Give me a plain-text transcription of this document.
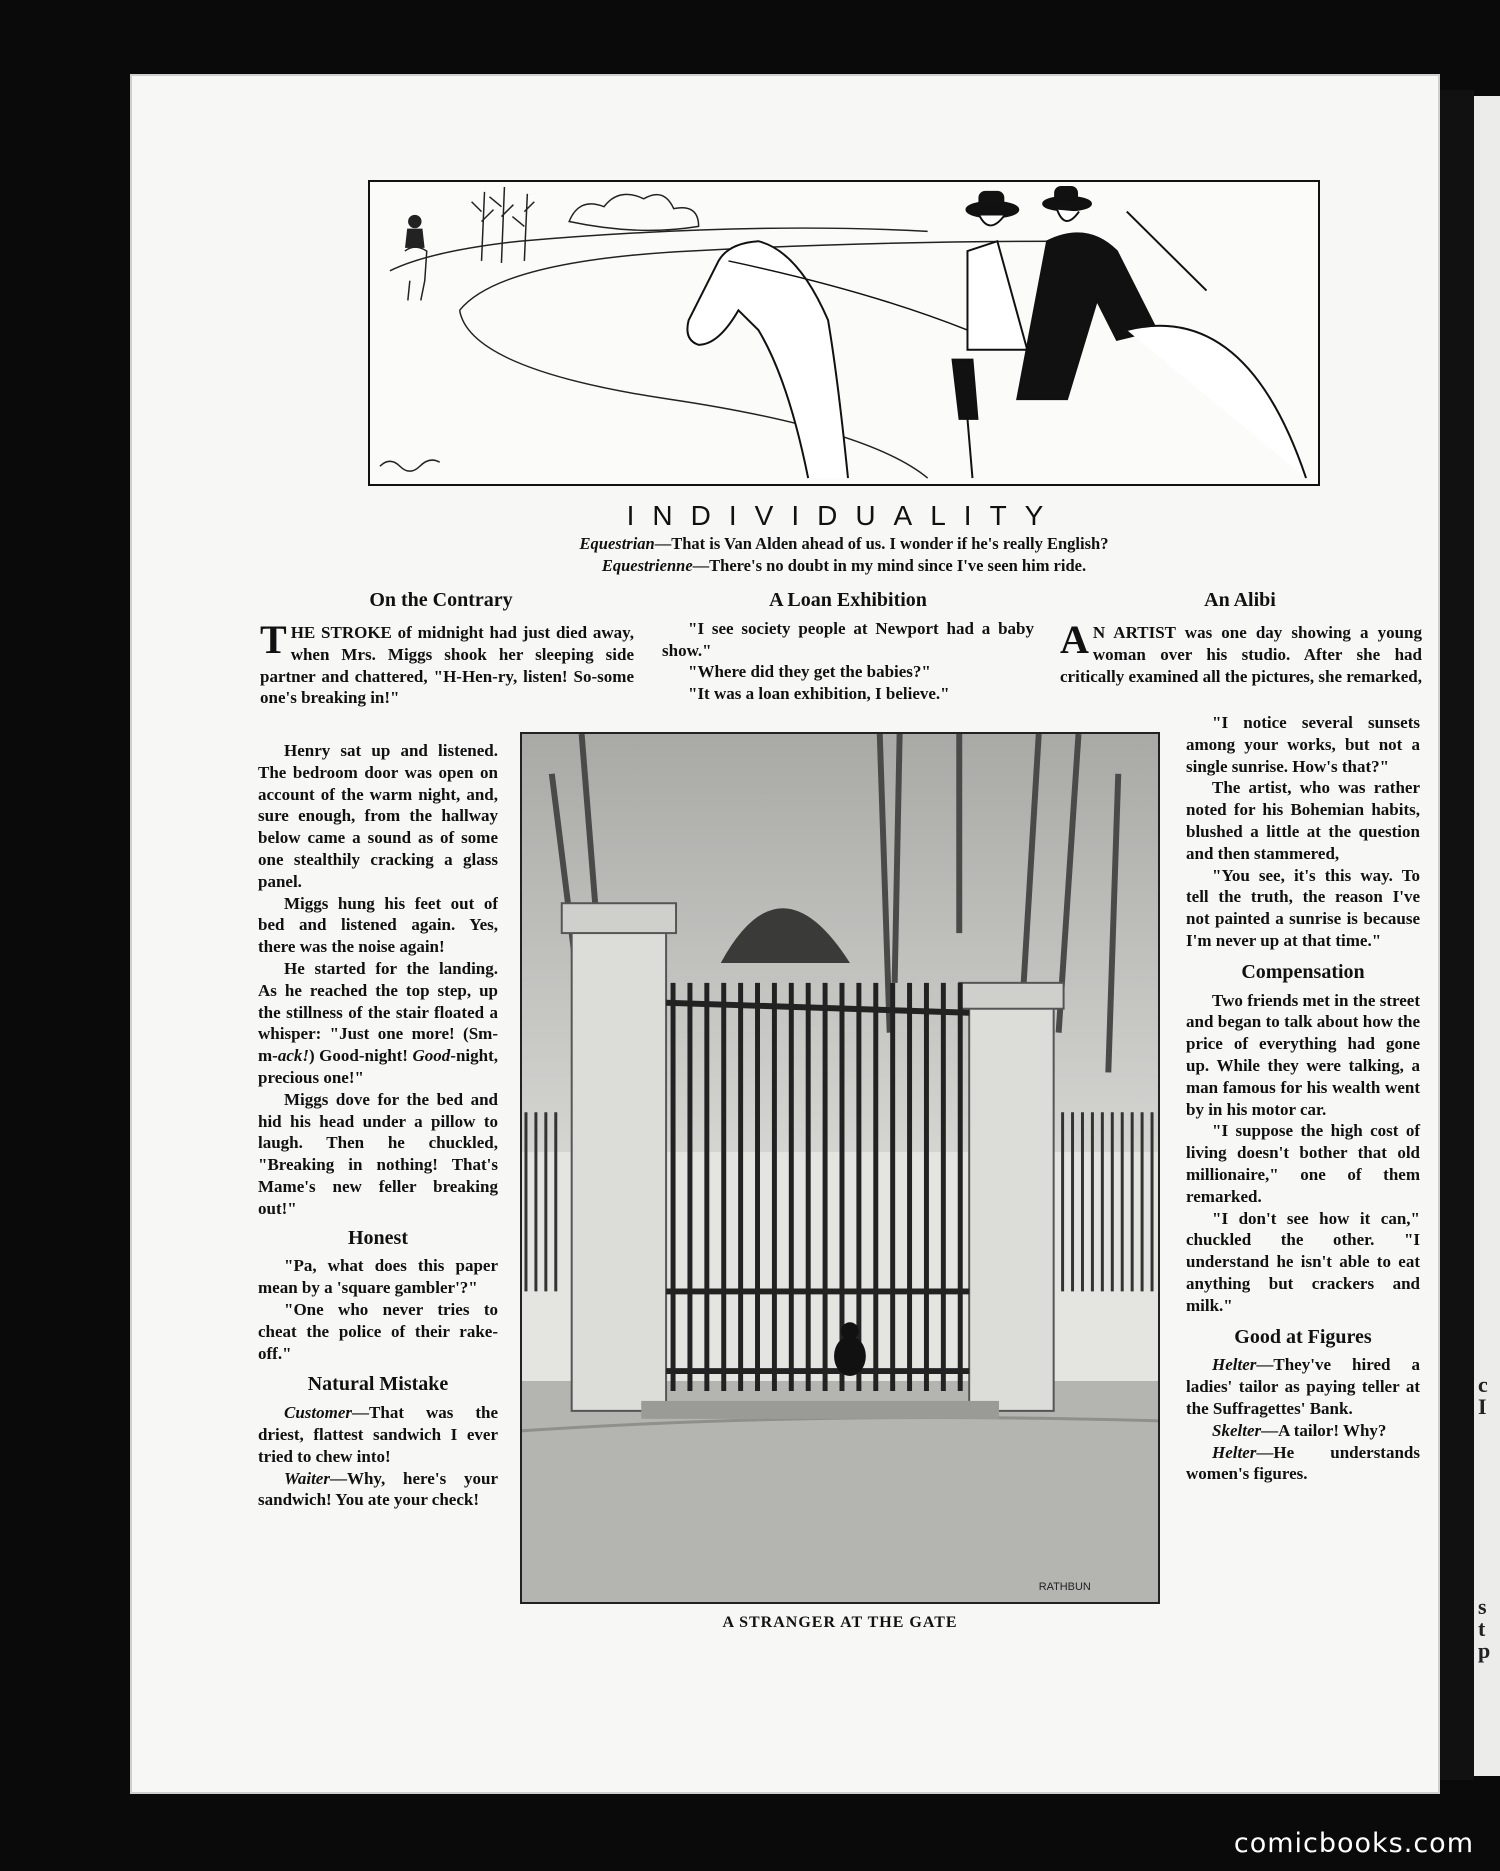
c
I
s
t
p
INDIVIDUALITY
Equestrian—That is Van Alden ahead of us. I wonder if he's really English?
Equestrienne—There's no doubt in my mind since I've seen him ride.
On the Contrary

THE STROKE of midnight had just died away, when Mrs. Miggs shook her sleeping side partner and chattered, "H-Hen-ry, listen! So-some one's breaking in!"

Henry sat up and listened. The bedroom door was open on account of the warm night, and, sure enough, from the hallway below came a sound as of some one stealthily cracking a glass panel.

Miggs hung his feet out of bed and listened again. Yes, there was the noise again!

He started for the landing. As he reached the top step, up the stillness of the stair floated a whisper: "Just one more! (Sm-m-ack!) Good-night! Good-night, precious one!"

Miggs dove for the bed and hid his head under a pillow to laugh. Then he chuckled, "Breaking in nothing! That's Mame's new feller breaking out!"

Honest

"Pa, what does this paper mean by a 'square gambler'?"

"One who never tries to cheat the police of their rake-off."

Natural Mistake

Customer—That was the driest, flattest sandwich I ever tried to chew into!

Waiter—Why, here's your sandwich! You ate your check!

A Loan Exhibition

"I see society people at Newport had a baby show."

"Where did they get the babies?"

"It was a loan exhibition, I believe."

RATHBUN
A STRANGER AT THE GATE
An Alibi

A N ARTIST was one day showing a young woman over his studio. After she had critically examined all the pictures, she remarked,

"I notice several sunsets among your works, but not a single sunrise. How's that?"

The artist, who was rather noted for his Bohemian habits, blushed a little at the question and then stammered,

"You see, it's this way. To tell the truth, the reason I've not painted a sunrise is because I'm never up at that time."

Compensation

Two friends met in the street and began to talk about how the price of everything had gone up. While they were talking, a man famous for his wealth went by in his motor car.

"I suppose the high cost of living doesn't bother that old millionaire," one of them remarked.

"I don't see how it can," chuckled the other. "I understand he isn't able to eat anything but crackers and milk."

Good at Figures

Helter—They've hired a ladies' tailor as paying teller at the Suffragettes' Bank.

Skelter—A tailor! Why?

Helter—He understands women's figures.

comicbooks.com
